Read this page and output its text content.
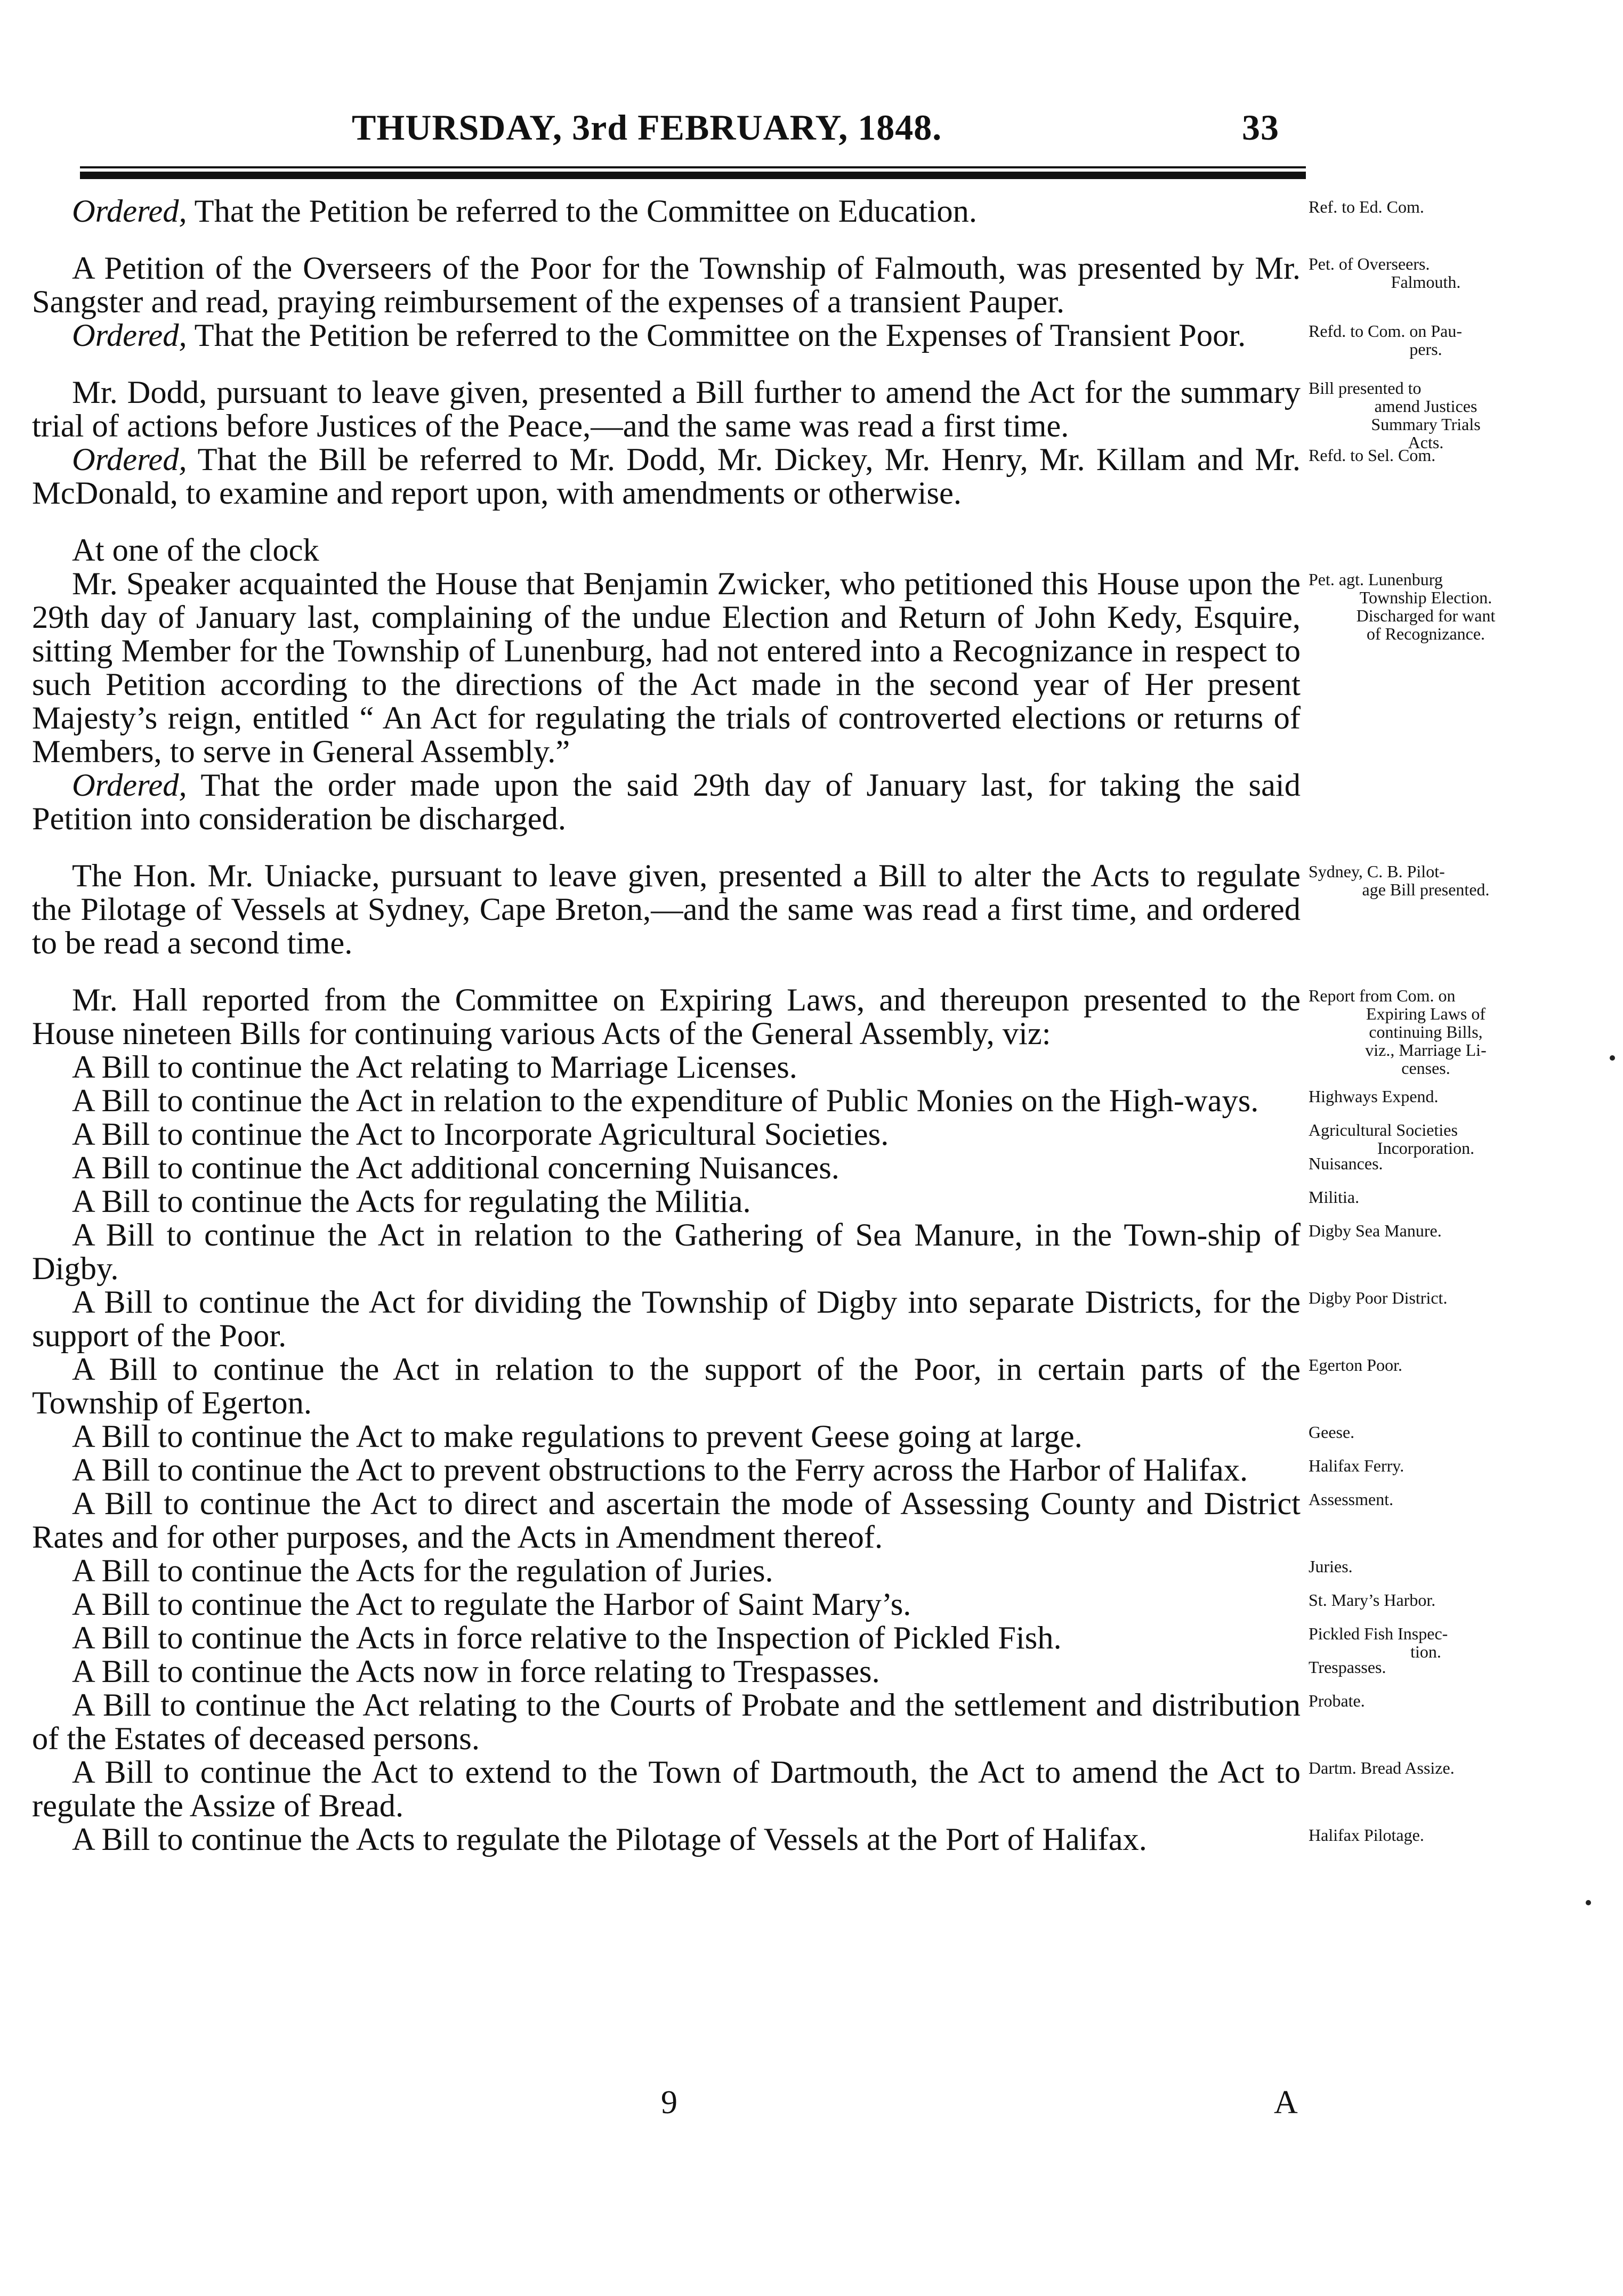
THURSDAY, 3rd FEBRUARY, 1848.	33

Ordered, That the Petition be referred to the Committee on Education.	Ref. to Ed. Com.

A Petition of the Overseers of the Poor for the Township of Falmouth, was presented by Mr. Sangster and read, praying reimbursement of the expenses of a transient Pauper.
Pet. of Overseers.
Falmouth.

Ordered, That the Petition be referred to the Committee on the Expenses of Transient Poor.	Refd. to Com. on Pau-
pers.

Mr. Dodd, pursuant to leave given, presented a Bill further to amend the Act for the summary trial of actions before Justices of the Peace,—and the same was read a first time.
Bill presented to
amend Justices
Summary Trials
Acts.

Ordered, That the Bill be referred to Mr. Dodd, Mr. Dickey, Mr. Henry, Mr. Killam and Mr. McDonald, to examine and report upon, with amendments or otherwise.
Refd. to Sel. Com.

At one of the clock

Mr. Speaker acquainted the House that Benjamin Zwicker, who petitioned this House upon the 29th day of January last, complaining of the undue Election and Return of John Kedy, Esquire, sitting Member for the Township of Lunenburg, had not entered into a Recognizance in respect to such Petition according to the directions of the Act made in the second year of Her present Majesty’s reign, entitled “ An Act for regulating the trials of controverted elections or returns of Members, to serve in General Assembly.”
Pet. agt. Lunenburg
Township Election.
Discharged for want
of Recognizance.

Ordered, That the order made upon the said 29th day of January last, for taking the said Petition into consideration be discharged.

The Hon. Mr. Uniacke, pursuant to leave given, presented a Bill to alter the Acts to regulate the Pilotage of Vessels at Sydney, Cape Breton,—and the same was read a first time, and ordered to be read a second time.
Sydney, C. B. Pilot-
age Bill presented.

Mr. Hall reported from the Committee on Expiring Laws, and thereupon presented to the House nineteen Bills for continuing various Acts of the General Assembly, viz:
Report from Com. on
Expiring Laws of
continuing Bills,
viz., Marriage Li-
censes.

A Bill to continue the Act relating to Marriage Licenses.

A Bill to continue the Act in relation to the expenditure of Public Monies on the High-ways.	Highways Expend.

A Bill to continue the Act to Incorporate Agricultural Societies.	Agricultural Societies
Incorporation.

A Bill to continue the Act additional concerning Nuisances.	Nuisances.

A Bill to continue the Acts for regulating the Militia.	Militia.

A Bill to continue the Act in relation to the Gathering of Sea Manure, in the Town-ship of Digby.
Digby Sea Manure.

A Bill to continue the Act for dividing the Township of Digby into separate Districts, for the support of the Poor.
Digby Poor District.

A Bill to continue the Act in relation to the support of the Poor, in certain parts of the Township of Egerton.
Egerton Poor.

A Bill to continue the Act to make regulations to prevent Geese going at large.	Geese.

A Bill to continue the Act to prevent obstructions to the Ferry across the Harbor of Halifax.	Halifax Ferry.

A Bill to continue the Act to direct and ascertain the mode of Assessing County and District Rates and for other purposes, and the Acts in Amendment thereof.
Assessment.

A Bill to continue the Acts for the regulation of Juries.	Juries.

A Bill to continue the Act to regulate the Harbor of Saint Mary’s.	St. Mary’s Harbor.

A Bill to continue the Acts in force relative to the Inspection of Pickled Fish.	Pickled Fish Inspec-
tion.

A Bill to continue the Acts now in force relating to Trespasses.	Trespasses.

A Bill to continue the Act relating to the Courts of Probate and the settlement and distribution of the Estates of deceased persons.
Probate.

A Bill to continue the Act to extend to the Town of Dartmouth, the Act to amend the Act to regulate the Assize of Bread.
Dartm. Bread Assize.

A Bill to continue the Acts to regulate the Pilotage of Vessels at the Port of Halifax.	Halifax Pilotage.

9	A
